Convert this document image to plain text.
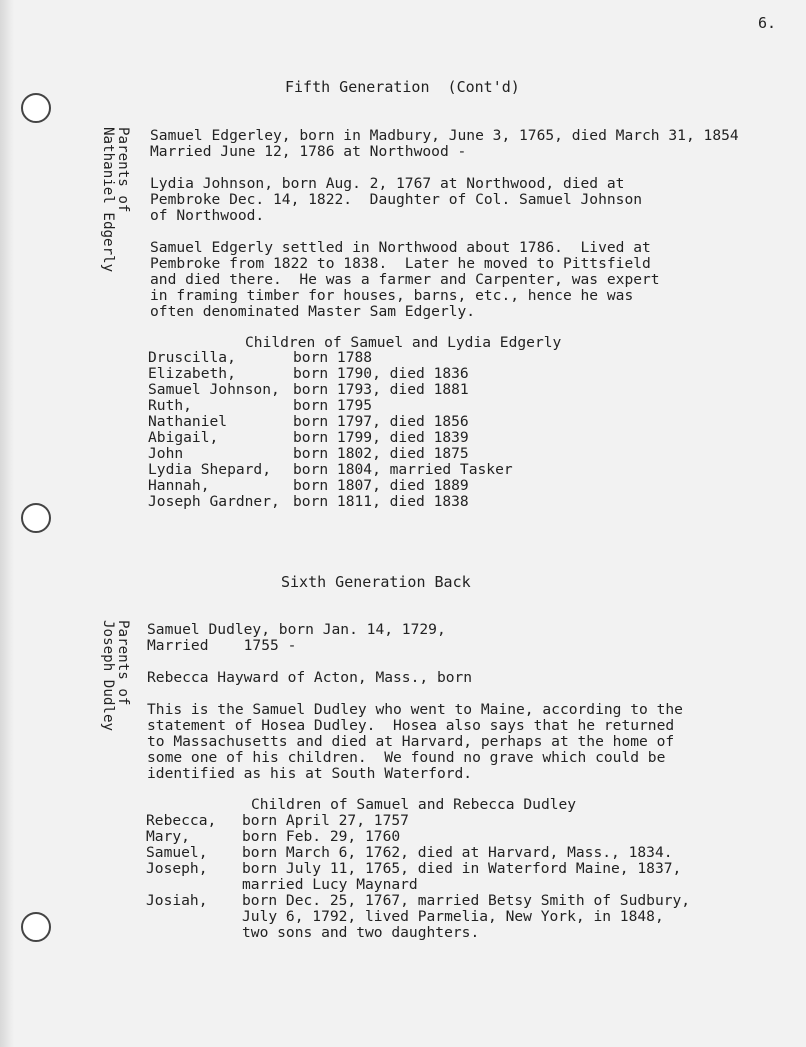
6.
Fifth Generation  (Cont'd)
Parents of
Nathaniel Edgerly	Samuel Edgerley, born in Madbury, June 3, 1765, died March 31, 1854
Married June 12, 1786 at Northwood -
Lydia Johnson, born Aug. 2, 1767 at Northwood, died at
Pembroke Dec. 14, 1822.  Daughter of Col. Samuel Johnson
of Northwood.
Samuel Edgerly settled in Northwood about 1786.  Lived at
Pembroke from 1822 to 1838.  Later he moved to Pittsfield
and died there.  He was a farmer and Carpenter, was expert
in framing timber for houses, barns, etc., hence he was
often denominated Master Sam Edgerly.
Children of Samuel and Lydia Edgerly
Druscilla,	born 1788
Elizabeth,	born 1790, died 1836
Samuel Johnson,	born 1793, died 1881
Ruth,	born 1795
Nathaniel	born 1797, died 1856
Abigail,	born 1799, died 1839
John	born 1802, died 1875
Lydia Shepard,	born 1804, married Tasker
Hannah,	born 1807, died 1889
Joseph Gardner,	born 1811, died 1838
Sixth Generation Back
Parents of
Joseph Dudley	Samuel Dudley, born Jan. 14, 1729,
Married    1755 -
Rebecca Hayward of Acton, Mass., born
This is the Samuel Dudley who went to Maine, according to the
statement of Hosea Dudley.  Hosea also says that he returned
to Massachusetts and died at Harvard, perhaps at the home of
some one of his children.  We found no grave which could be
identified as his at South Waterford.
Children of Samuel and Rebecca Dudley
Rebecca,	born April 27, 1757
Mary,	born Feb. 29, 1760
Samuel,	born March 6, 1762, died at Harvard, Mass., 1834.
Joseph,	born July 11, 1765, died in Waterford Maine, 1837,
married Lucy Maynard
Josiah,	born Dec. 25, 1767, married Betsy Smith of Sudbury,
July 6, 1792, lived Parmelia, New York, in 1848,
two sons and two daughters.
